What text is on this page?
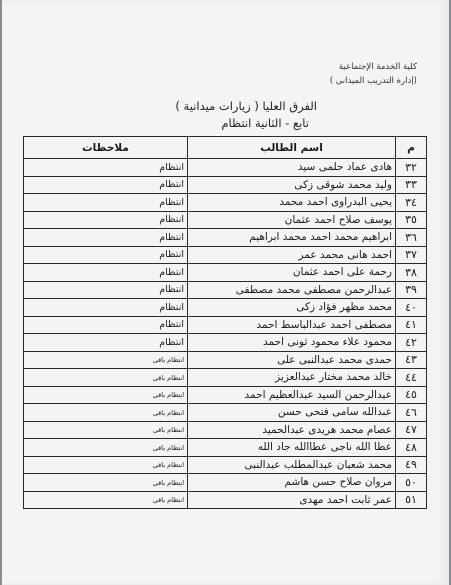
كلية الخدمة الإجتماعية
(إدارة التدريب الميدانى )
الفرق العليا ( زيارات ميدانية )
تابع - الثانية انتظام
م	اسم الطالب	ملاحظات
٣٢	هادى عماد حلمى سيد	انتظام
٣٣	وليد محمد شوقى زكى	انتظام
٣٤	يحيى البدراوى احمد محمد	انتظام
٣٥	يوسف صلاح احمد عثمان	انتظام
٣٦	ابراهيم محمد احمد محمد ابراهيم	انتظام
٣٧	احمد هانى محمد عمر	انتظام
٣٨	رحمة على احمد عثمان	انتظام
٣٩	عبدالرحمن مصطفى محمد مصطفى	انتظام
٤٠	محمد مظهر فؤاد زكى	انتظام
٤١	مصطفى احمد عبدالباسط احمد	انتظام
٤٢	محمود علاء محمود ثونى احمد	انتظام
٤٣	حمدى محمد عبدالنبى على	انتظام باقى
٤٤	خالد محمد مختار عبدالعزيز	انتظام باقى
٤٥	عبدالرحمن السيد عبدالعظيم احمد	انتظام باقى
٤٦	عبدالله سامى فتحى حسن	انتظام باقى
٤٧	عصام محمد هريدى عبدالحميد	انتظام باقى
٤٨	عطا الله ناجى عطاالله جاد الله	انتظام باقى
٤٩	محمد شعبان عبدالمطلب عبدالنبى	انتظام باقى
٥٠	مروان صلاح حسن هاشم	انتظام باقى
٥١	عمر ثابت احمد مهدى	انتظام باقى
